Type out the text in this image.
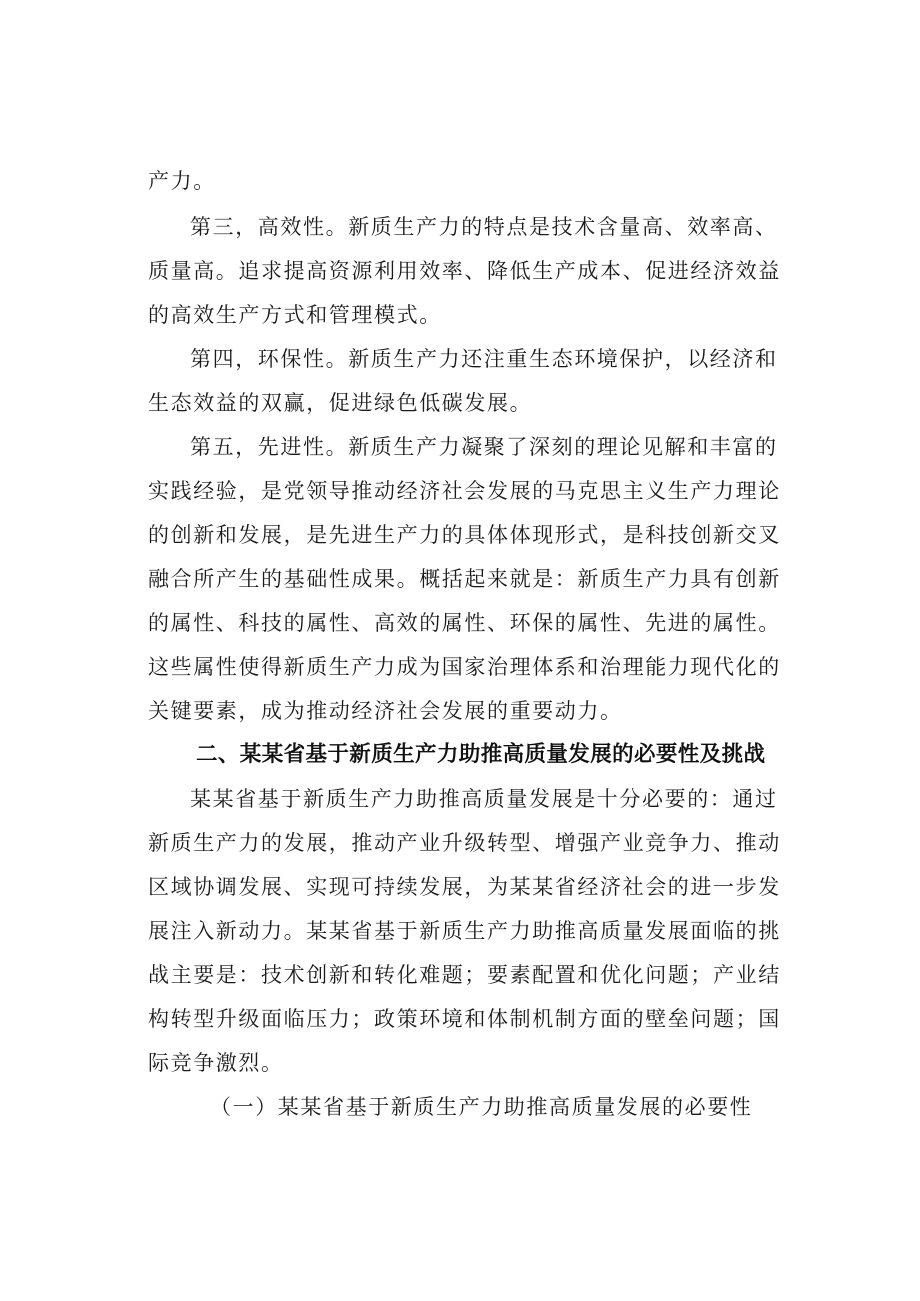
产力。
第三，高效性。新质生产力的特点是技术含量高、效率高、
质量高。追求提高资源利用效率、降低生产成本、促进经济效益
的高效生产方式和管理模式。
第四，环保性。新质生产力还注重生态环境保护，以经济和
生态效益的双赢，促进绿色低碳发展。
第五，先进性。新质生产力凝聚了深刻的理论见解和丰富的
实践经验，是党领导推动经济社会发展的马克思主义生产力理论
的创新和发展，是先进生产力的具体体现形式，是科技创新交叉
融合所产生的基础性成果。概括起来就是：新质生产力具有创新
的属性、科技的属性、高效的属性、环保的属性、先进的属性。
这些属性使得新质生产力成为国家治理体系和治理能力现代化的
关键要素，成为推动经济社会发展的重要动力。
二、某某省基于新质生产力助推高质量发展的必要性及挑战
某某省基于新质生产力助推高质量发展是十分必要的：通过
新质生产力的发展，推动产业升级转型、增强产业竞争力、推动
区域协调发展、实现可持续发展，为某某省经济社会的进一步发
展注入新动力。某某省基于新质生产力助推高质量发展面临的挑
战主要是：技术创新和转化难题；要素配置和优化问题；产业结
构转型升级面临压力；政策环境和体制机制方面的壁垒问题；国
际竞争激烈。
（一）某某省基于新质生产力助推高质量发展的必要性
